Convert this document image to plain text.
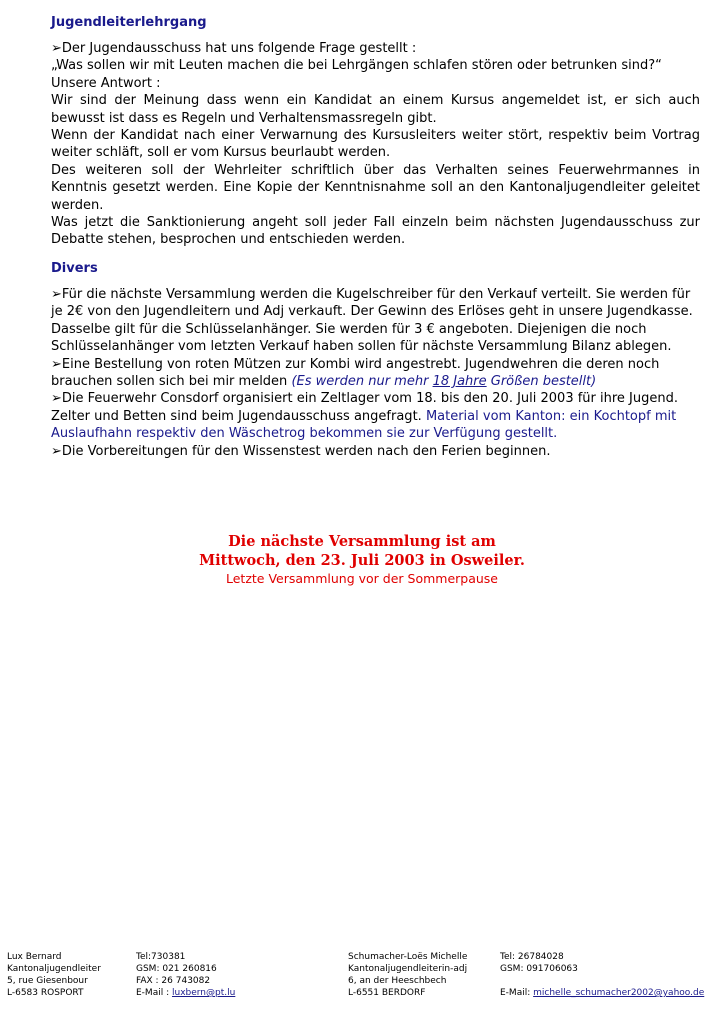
Jugendleiterlehrgang

➢Der Jugendausschuss hat uns folgende Frage gestellt :

„Was sollen wir mit Leuten machen die bei Lehrgängen schlafen stören oder betrunken sind?“

Unsere Antwort :

Wir sind der Meinung dass wenn ein Kandidat an einem Kursus angemeldet ist, er sich auch bewusst ist dass es Regeln und Verhaltensmassregeln gibt.

Wenn der Kandidat nach einer Verwarnung des Kursusleiters weiter stört, respektiv beim Vortrag weiter schläft, soll er vom Kursus beurlaubt werden.

Des weiteren soll der Wehrleiter schriftlich über das Verhalten seines Feuerwehrmannes in Kenntnis gesetzt werden. Eine Kopie der Kenntnisnahme soll an den Kantonaljugendleiter geleitet werden.

Was jetzt die Sanktionierung angeht soll jeder Fall einzeln beim nächsten Jugendausschuss zur Debatte stehen, besprochen und entschieden werden.

Divers

➢Für die nächste Versammlung werden die Kugelschreiber für den Verkauf verteilt. Sie werden für je 2€ von den Jugendleitern und Adj verkauft. Der Gewinn des Erlöses geht in unsere Jugendkasse.

Dasselbe gilt für die Schlüsselanhänger. Sie werden für 3 € angeboten. Diejenigen die noch Schlüsselanhänger vom letzten Verkauf haben sollen für nächste Versammlung Bilanz ablegen.

➢Eine Bestellung von roten Mützen zur Kombi wird angestrebt. Jugendwehren die deren noch brauchen sollen sich bei mir melden (Es werden nur mehr 18 Jahre Größen bestellt)

➢Die Feuerwehr Consdorf organisiert ein Zeltlager vom 18. bis den 20. Juli 2003 für ihre Jugend. Zelter und Betten sind beim Jugendausschuss angefragt. Material vom Kanton: ein Kochtopf mit Auslaufhahn respektiv den Wäschetrog bekommen sie zur Verfügung gestellt.

➢Die Vorbereitungen für den Wissenstest werden nach den Ferien beginnen.

Die nächste Versammlung ist am
Mittwoch, den 23. Juli 2003 in Osweiler.
Letzte Versammlung vor der Sommerpause
Lux Bernard
Kantonaljugendleiter
5, rue Giesenbour
L-6583 ROSPORT
Tel:730381
GSM: 021 260816
FAX : 26 743082
E-Mail : luxbern@pt.lu
Schumacher-Loës Michelle
Kantonaljugendleiterin-adj
6, an der Heeschbech
L-6551 BERDORF
Tel: 26784028
GSM: 091706063

E-Mail: michelle_schumacher2002@yahoo.de
